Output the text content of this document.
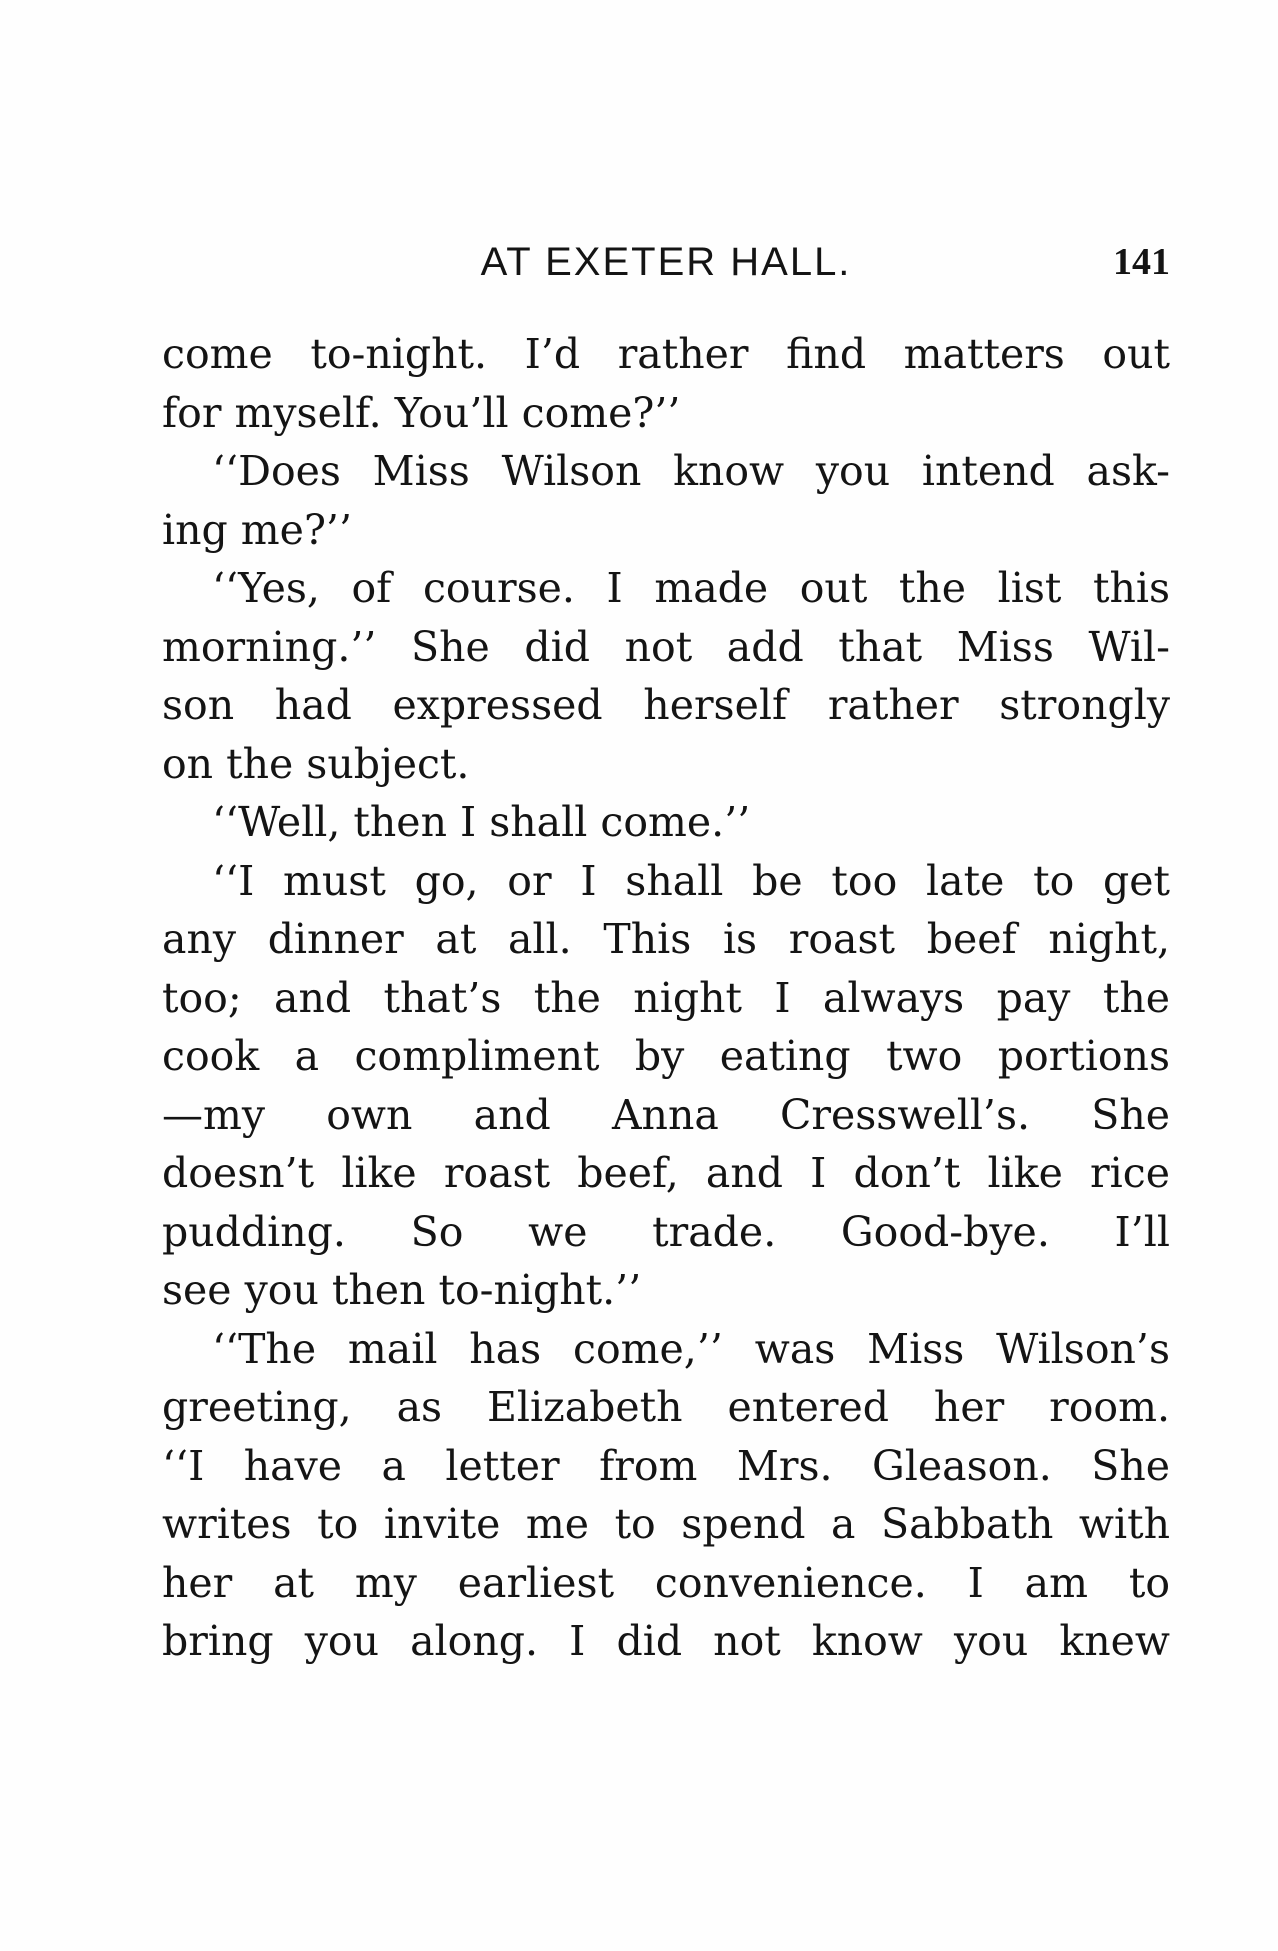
AT EXETER HALL.	141
come to-night. I’d rather find matters out
for myself. You’ll come?’’
‘‘Does Miss Wilson know you intend ask-
ing me?’’
‘‘Yes, of course. I made out the list this
morning.’’ She did not add that Miss Wil-
son had expressed herself rather strongly
on the subject.
‘‘Well, then I shall come.’’
‘‘I must go, or I shall be too late to get
any dinner at all. This is roast beef night,
too; and that’s the night I always pay the
cook a compliment by eating two portions
—my own and Anna Cresswell’s. She
doesn’t like roast beef, and I don’t like rice
pudding. So we trade. Good-bye. I’ll
see you then to-night.’’
‘‘The mail has come,’’ was Miss Wilson’s
greeting, as Elizabeth entered her room.
‘‘I have a letter from Mrs. Gleason. She
writes to invite me to spend a Sabbath with
her at my earliest convenience. I am to
bring you along. I did not know you knew
